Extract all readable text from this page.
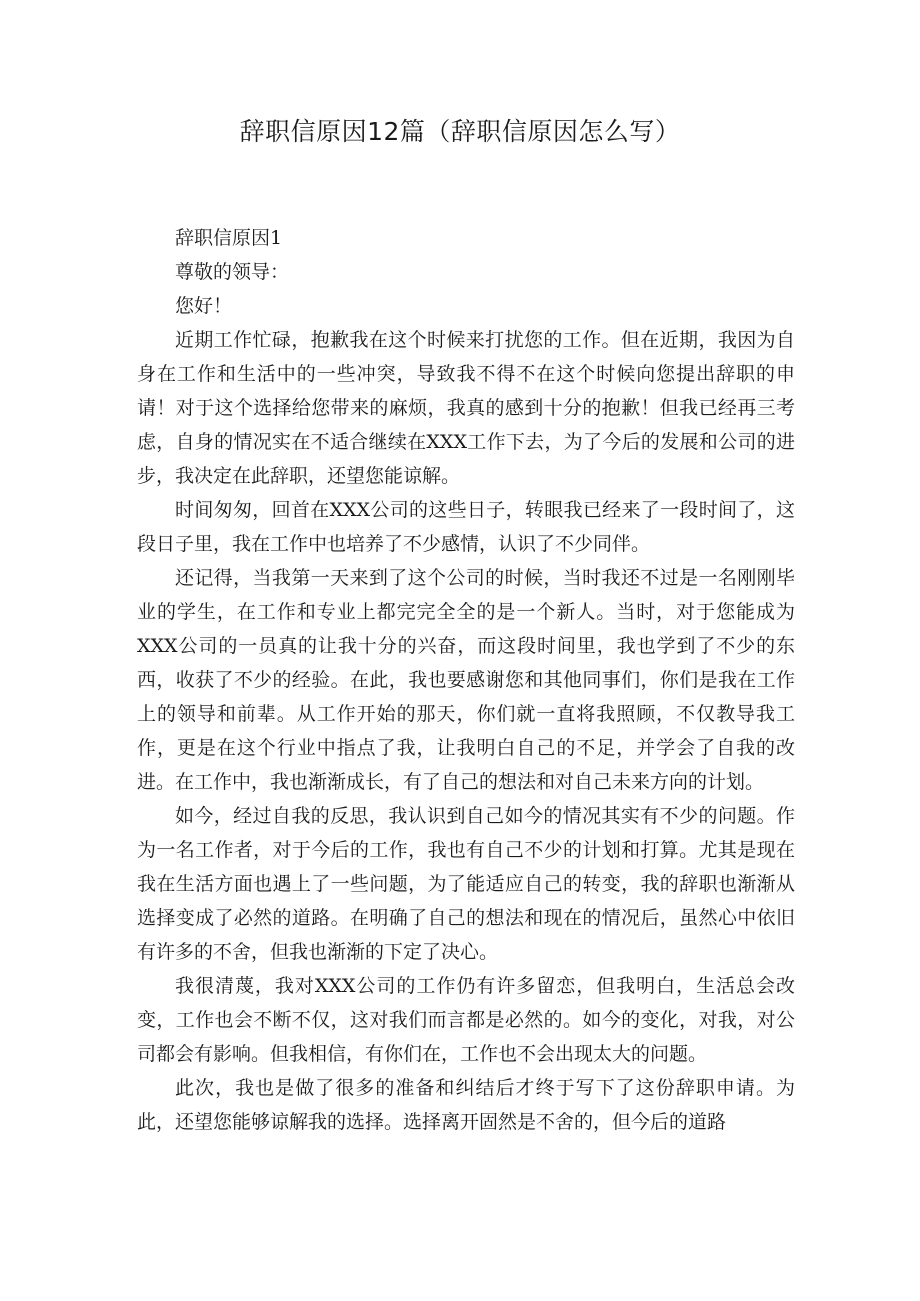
辞职信原因12篇（辞职信原因怎么写）
辞职信原因1
尊敬的领导：
您好！

近期工作忙碌，抱歉我在这个时候来打扰您的工作。但在近期，我因为自身在工作和生活中的一些冲突，导致我不得不在这个时候向您提出辞职的申请！对于这个选择给您带来的麻烦，我真的感到十分的抱歉！但我已经再三考虑，自身的情况实在不适合继续在XXX工作下去，为了今后的发展和公司的进步，我决定在此辞职，还望您能谅解。

时间匆匆，回首在XXX公司的这些日子，转眼我已经来了一段时间了，这段日子里，我在工作中也培养了不少感情，认识了不少同伴。

还记得，当我第一天来到了这个公司的时候，当时我还不过是一名刚刚毕业的学生，在工作和专业上都完完全全的是一个新人。当时，对于您能成为XXX公司的一员真的让我十分的兴奋，而这段时间里，我也学到了不少的东西，收获了不少的经验。在此，我也要感谢您和其他同事们，你们是我在工作上的领导和前辈。从工作开始的那天，你们就一直将我照顾，不仅教导我工作，更是在这个行业中指点了我，让我明白自己的不足，并学会了自我的改进。在工作中，我也渐渐成长，有了自己的想法和对自己未来方向的计划。

如今，经过自我的反思，我认识到自己如今的情况其实有不少的问题。作为一名工作者，对于今后的工作，我也有自己不少的计划和打算。尤其是现在我在生活方面也遇上了一些问题，为了能适应自己的转变，我的辞职也渐渐从选择变成了必然的道路。在明确了自己的想法和现在的情况后，虽然心中依旧有许多的不舍，但我也渐渐的下定了决心。

我很清蔑，我对XXX公司的工作仍有许多留恋，但我明白，生活总会改变，工作也会不断不仅，这对我们而言都是必然的。如今的变化，对我，对公司都会有影响。但我相信，有你们在，工作也不会出现太大的问题。

此次，我也是做了很多的准备和纠结后才终于写下了这份辞职申请。为此，还望您能够谅解我的选择。选择离开固然是不舍的，但今后的道路
